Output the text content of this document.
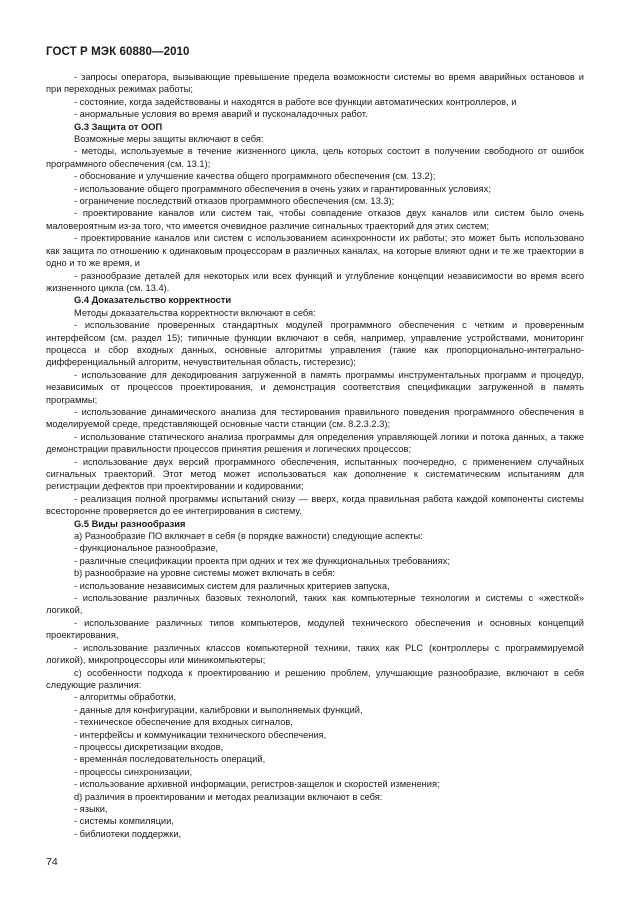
ГОСТ Р МЭК 60880—2010

- запросы оператора, вызывающие превышение предела возможности системы во время аварийных остановов и при переходных режимах работы;

- состояние, когда задействованы и находятся в работе все функции автоматических контроллеров, и

- анормальные условия во время аварий и пусконаладочных работ.

G.3 Защита от ООП

Возможные меры защиты включают в себя:

- методы, используемые в течение жизненного цикла, цель которых состоит в получении свободного от ошибок программного обеспечения (см. 13.1);

- обоснование и улучшение качества общего программного обеспечения (см. 13.2);

- использование общего программного обеспечения в очень узких и гарантированных условиях;

- ограничение последствий отказов программного обеспечения (см. 13.3);

- проектирование каналов или систем так, чтобы совпадение отказов двух каналов или систем было очень маловероятным из-за того, что имеется очевидное различие сигнальных траекторий для этих систем;

- проектирование каналов или систем с использованием асинхронности их работы; это может быть использовано как защита по отношению к одинаковым процессорам в различных каналах, на которые влияют одни и те же траектории в одно и то же время, и

- разнообразие деталей для некоторых или всех функций и углубление концепции независимости во время всего жизненного цикла (см. 13.4).

G.4 Доказательство корректности

Методы доказательства корректности включают в себя:

- использование проверенных стандартных модулей программного обеспечения с четким и проверенным интерфейсом (см. раздел 15); типичные функции включают в себя, например, управление устройствами, мониторинг процесса и сбор входных данных, основные алгоритмы управления (такие как пропорционально-интегрально-дифференциальный алгоритм, нечувствительная область, гистерезис);

- использование для декодирования загруженной в память программы инструментальных программ и процедур, независимых от процессов проектирования, и демонстрация соответствия спецификации загруженной в память программы;

- использование динамического анализа для тестирования правильного поведения программного обеспечения в моделируемой среде, представляющей основные части станции (см. 8.2.3.2.3);

- использование статического анализа программы для определения управляющей логики и потока данных, а также демонстрации правильности процессов принятия решения и логических процессов;

- использование двух версий программного обеспечения, испытанных поочередно, с применением случайных сигнальных траекторий. Этот метод может использоваться как дополнение к систематическим испытаниям для регистрации дефектов при проектировании и кодировании;

- реализация полной программы испытаний снизу — вверх, когда правильная работа каждой компоненты системы всесторонне проверяется до ее интегрирования в систему.

G.5 Виды разнообразия

а) Разнообразие ПО включает в себя (в порядке важности) следующие аспекты:

- функциональное разнообразие,

- различные спецификации проекта при одних и тех же функциональных требованиях;

b) разнообразие на уровне системы может включать в себя:

- использование независимых систем для различных критериев запуска,

- использование различных базовых технологий, таких как компьютерные технологии и системы с «жесткой» логикой,

- использование различных типов компьютеров, модулей технического обеспечения и основных концепций проектирования,

- использование различных классов компьютерной техники, таких как PLC (контроллеры с программируемой логикой), микропроцессоры или миникомпьютеры;

c) особенности подхода к проектированию и решению проблем, улучшающие разнообразие, включают в себя следующие различия:

- алгоритмы обработки,

- данные для конфигурации, калибровки и выполняемых функций,

- техническое обеспечение для входных сигналов,

- интерфейсы и коммуникации технического обеспечения,

- процессы дискретизации входов,

- временна́я последовательность операций,

- процессы синхронизации,

- использование архивной информации, регистров-защелок и скоростей изменения;

d) различия в проектировании и методах реализации включают в себя:

- языки,

- системы компиляции,

- библиотеки поддержки,

74
